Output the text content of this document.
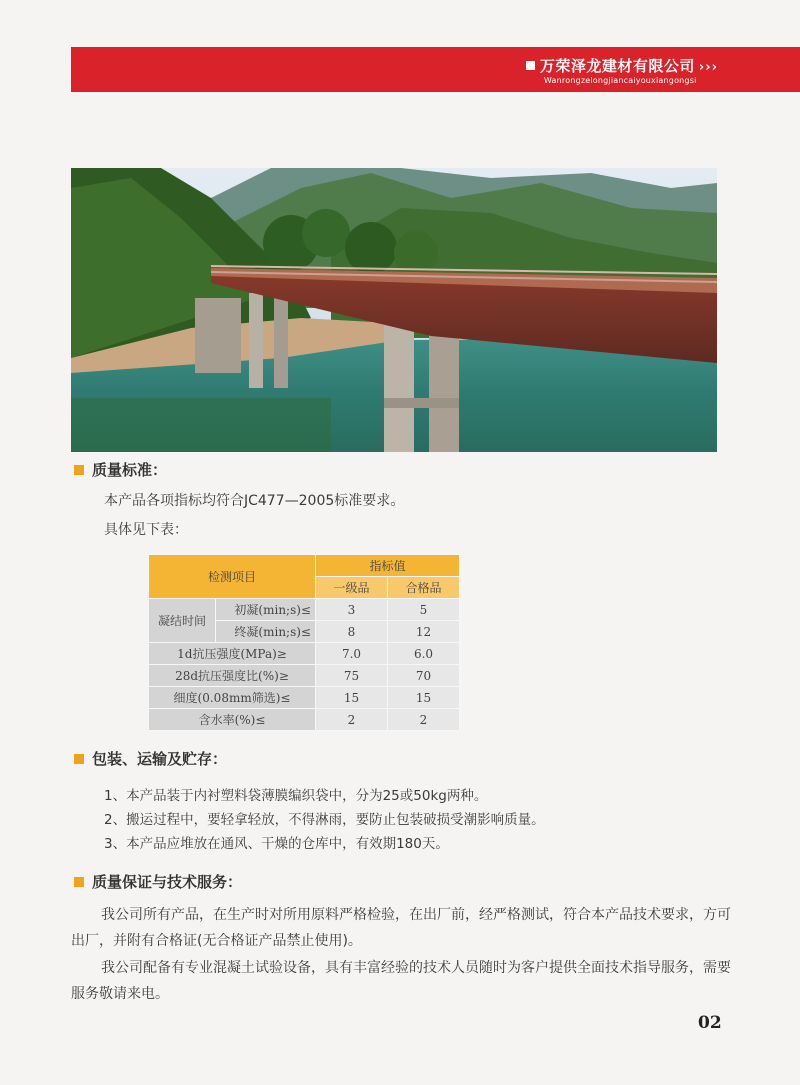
万荣泽龙建材有限公司 ›››
Wanrongzelongjiancaiyouxiangongsi
质量标准：
本产品各项指标均符合JC477—2005标准要求。
具体见下表：
检测项目		指标值	
		一级品	合格品
凝结时间	初凝(min;s)≤	3	5
	终凝(min;s)≤	8	12
1d抗压强度(MPa)≥		7.0	6.0
28d抗压强度比(%)≥		75	70
细度(0.08mm筛选)≤		15	15
含水率(%)≤		2	2
包装、运输及贮存：
1、本产品装于内衬塑料袋薄膜编织袋中，分为25或50kg两种。
2、搬运过程中，要轻拿轻放，不得淋雨，要防止包装破损受潮影响质量。
3、本产品应堆放在通风、干燥的仓库中，有效期180天。
质量保证与技术服务：
我公司所有产品，在生产时对所用原料严格检验，在出厂前，经严格测试，符合本产品技术要求，方可出厂，并附有合格证(无合格证产品禁止使用)。
我公司配备有专业混凝土试验设备，具有丰富经验的技术人员随时为客户提供全面技术指导服务，需要服务敬请来电。
02
